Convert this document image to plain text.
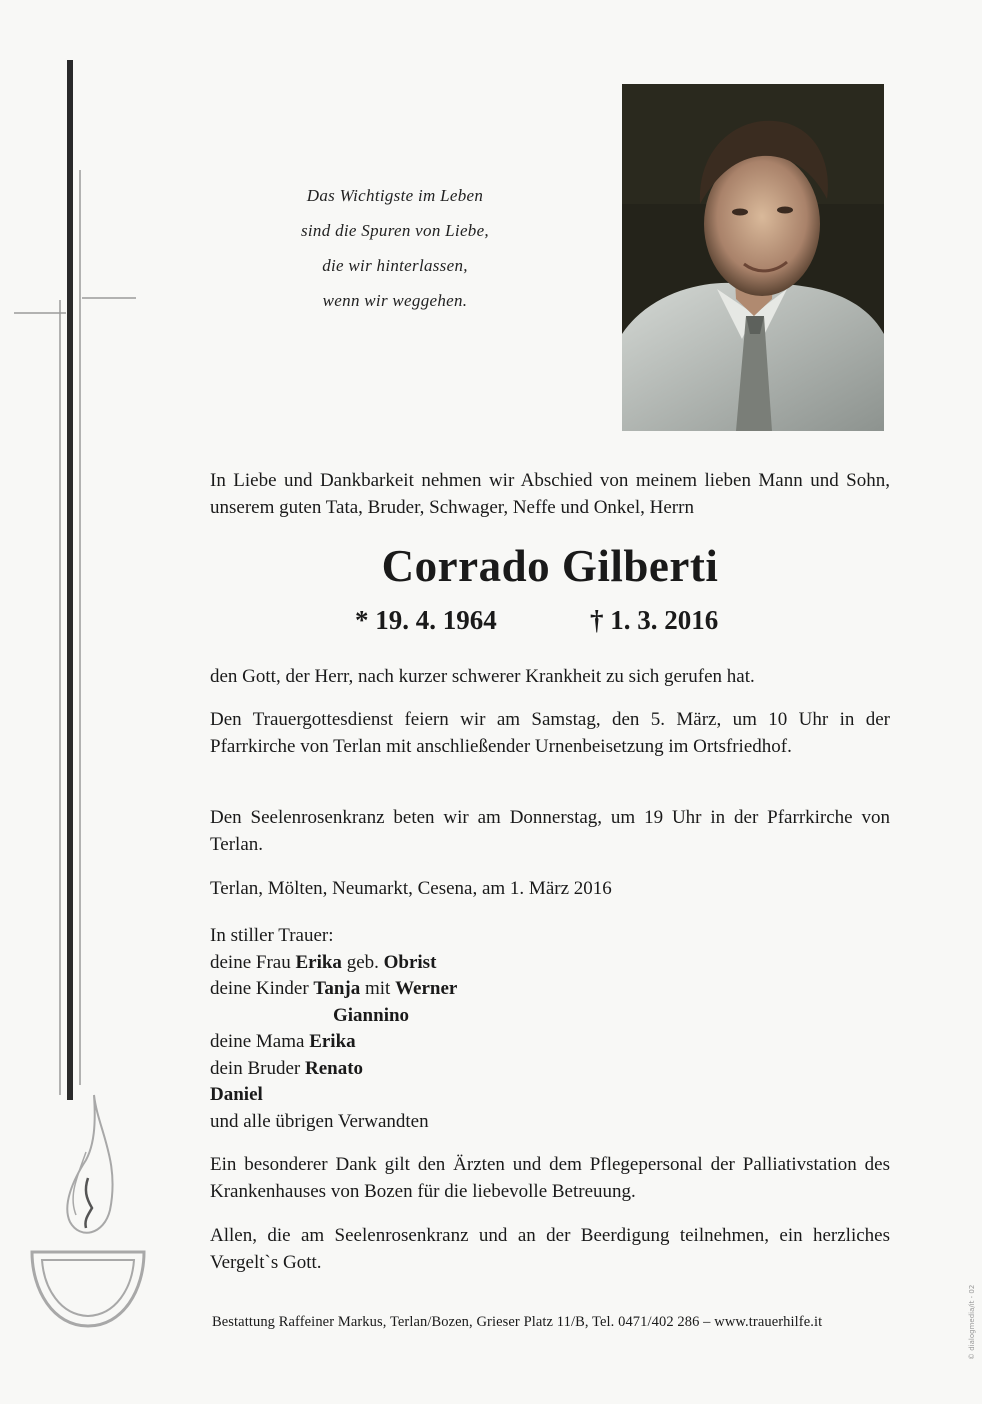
Das Wichtigste im Leben
sind die Spuren von Liebe,
die wir hinterlassen,
wenn wir weggehen.
In Liebe und Dankbarkeit nehmen wir Abschied von meinem lieben Mann und Sohn, unserem guten Tata, Bruder, Schwager, Neffe und Onkel, Herrn
Corrado Gilberti
* 19. 4. 1964	† 1. 3. 2016
den Gott, der Herr, nach kurzer schwerer Krankheit zu sich gerufen hat.
Den Trauergottesdienst feiern wir am Samstag, den 5. März, um 10 Uhr in der Pfarrkirche von Terlan mit anschließender Urnenbeisetzung im Ortsfriedhof.
Den Seelenrosenkranz beten wir am Donnerstag, um 19 Uhr in der Pfarrkirche von Terlan.
Terlan, Mölten, Neumarkt, Cesena, am 1. März 2016
In stiller Trauer:
deine Frau Erika geb. Obrist
deine Kinder Tanja mit Werner
Giannino
deine Mama Erika
dein Bruder Renato
Daniel
und alle übrigen Verwandten
Ein besonderer Dank gilt den Ärzten und dem Pflegepersonal der Palliativstation des Krankenhauses von Bozen für die liebevolle Betreuung.
Allen, die am Seelenrosenkranz und an der Beerdigung teilnehmen, ein herzliches Vergelt`s Gott.
Bestattung Raffeiner Markus, Terlan/Bozen, Grieser Platz 11/B, Tel. 0471/402 286 – www.trauerhilfe.it	© dialogmedia/it - 02
